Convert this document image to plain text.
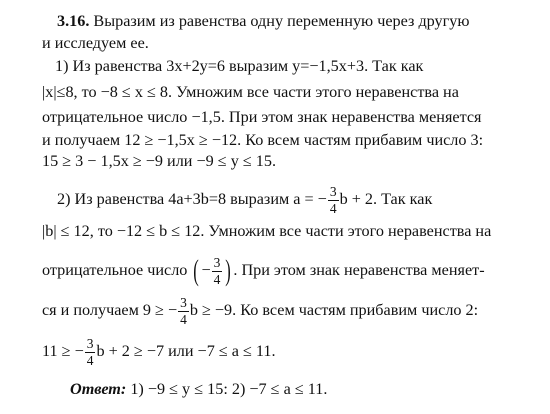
3.16. Выразим из равенства одну переменную через другую
и исследуем ее.
1) Из равенства 3x+2y=6 выразим y=−1,5x+3. Так как
|x|≤8, то −8 ≤ x ≤ 8. Умножим все части этого неравенства на
отрицательное число −1,5. При этом знак неравенства меняется
и получаем 12 ≥ −1,5x ≥ −12. Ко всем частям прибавим число 3:
15 ≥ 3 − 1,5x ≥ −9 или −9 ≤ y ≤ 15.
2) Из равенства 4a+3b=8 выразим a = − $\frac{3}{4}$ b + 2. Так как
|b| ≤ 12, то −12 ≤ b ≤ 12. Умножим все части этого неравенства на
отрицательное число ( − $\frac{3}{4}$ ) . При этом знак неравенства меняет-
ся и получаем 9 ≥ − $\frac{3}{4}$ b ≥ −9. Ко всем частям прибавим число 2:
11 ≥ − $\frac{3}{4}$ b + 2 ≥ −7 или −7 ≤ a ≤ 11.
Ответ: 1) −9 ≤ y ≤ 15: 2) −7 ≤ a ≤ 11.
